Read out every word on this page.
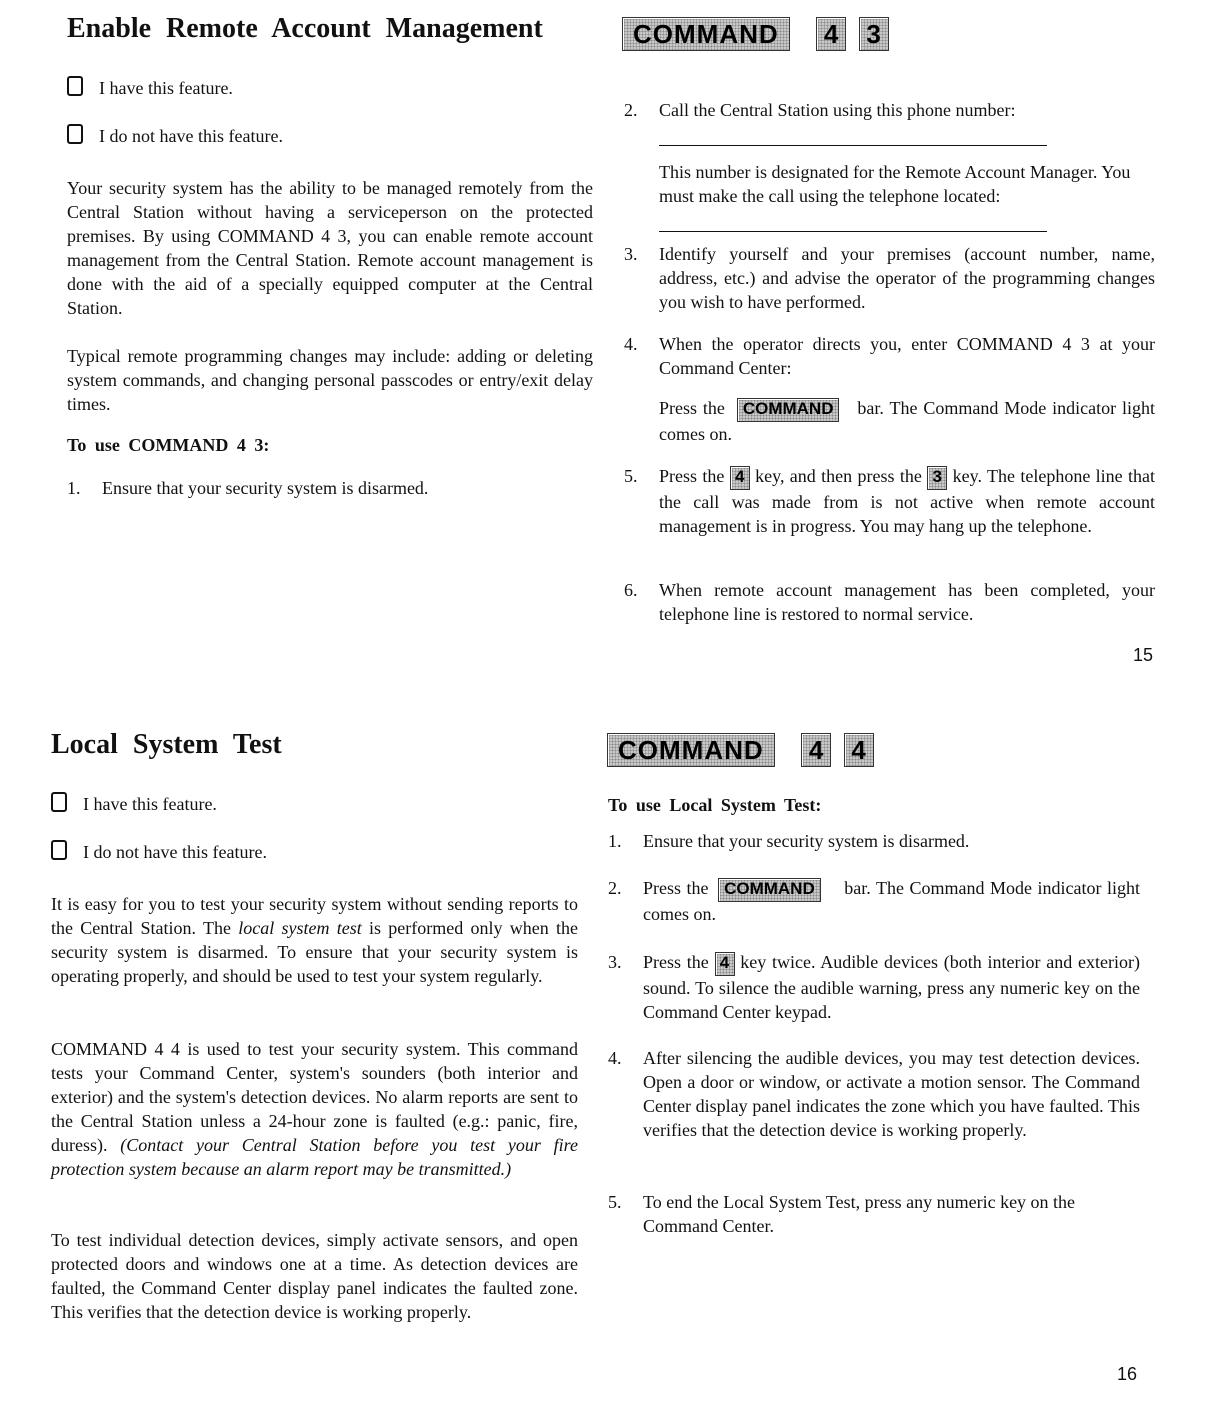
Enable Remote Account Management	COMMAND 4 3
I have this feature.
I do not have this feature.

Your security system has the ability to be managed remotely from the Central Station without having a serviceperson on the protected premises. By using COMMAND 4 3, you can enable remote account management from the Central Station. Remote account management is done with the aid of a specially equipped computer at the Central Station.

Typical remote programming changes may include: adding or deleting system commands, and changing personal passcodes or entry/exit delay times.

To use COMMAND 4 3:
1.	Ensure that your security system is disarmed.
2.	Call the Central Station using this phone number:

This number is designated for the Remote Account Manager. You must make the call using the telephone located:

3.	Identify yourself and your premises (account number, name, address, etc.) and advise the operator of the programming changes you wish to have performed.
4.	When the operator directs you, enter COMMAND 4 3 at your Command Center:
Press the COMMAND bar. The Command Mode indicator light comes on.
5.	Press the 4 key, and then press the 3 key. The telephone line that the call was made from is not active when remote account management is in progress. You may hang up the telephone.
6.	When remote account management has been completed, your telephone line is restored to normal service.
15
Local System Test	COMMAND 4 4
I have this feature.
I do not have this feature.

It is easy for you to test your security system without sending reports to the Central Station. The local system test is performed only when the security system is disarmed. To ensure that your security system is operating properly, and should be used to test your system regularly.

COMMAND 4 4 is used to test your security system. This command tests your Command Center, system's sounders (both interior and exterior) and the system's detection devices. No alarm reports are sent to the Central Station unless a 24-hour zone is faulted (e.g.: panic, fire, duress). (Contact your Central Station before you test your fire protection system because an alarm report may be transmitted.)

To test individual detection devices, simply activate sensors, and open protected doors and windows one at a time. As detection devices are faulted, the Command Center display panel indicates the faulted zone. This verifies that the detection device is working properly.

To use Local System Test:
1.	Ensure that your security system is disarmed.
2.	Press the COMMAND bar. The Command Mode indicator light comes on.
3.	Press the 4 key twice. Audible devices (both interior and exterior) sound. To silence the audible warning, press any numeric key on the Command Center keypad.
4.	After silencing the audible devices, you may test detection devices. Open a door or window, or activate a motion sensor. The Command Center display panel indicates the zone which you have faulted. This verifies that the detection device is working properly.
5.	To end the Local System Test, press any numeric key on the Command Center.
16
